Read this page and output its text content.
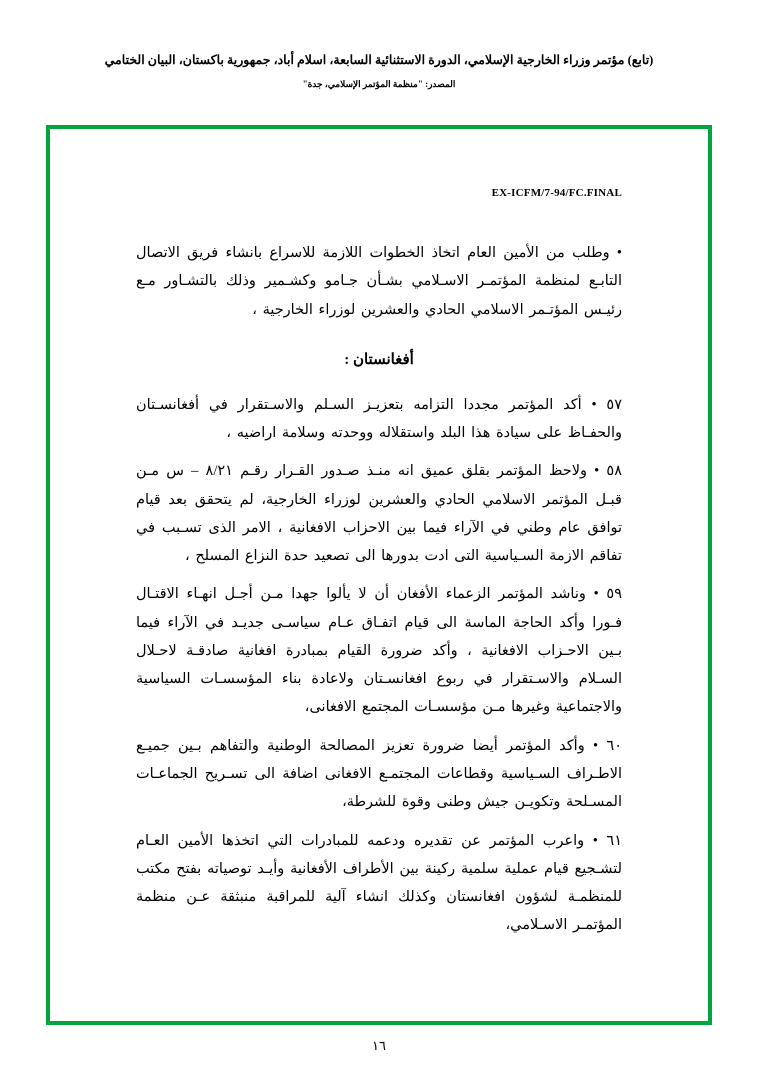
(تابع) مؤتمر وزراء الخارجية الإسلامي، الدورة الاستثنائية السابعة، اسلام أباد، جمهورية باكستان، البيان الختامي
المصدر: "منظمة المؤتمر الإسلامي، جدة"
EX-ICFM/7-94/FC.FINAL

• وطلب من الأمين العام اتخاذ الخطوات اللازمة للاسراع بانشاء فريق الاتصال التابـع لمنظمة المؤتمـر الاسـلامي بشـأن جـامو وكشـمير وذلك بالتشـاور مـع رئيـس المؤتـمر الاسلامي الحادي والعشرين لوزراء الخارجية ،

أفغانستان :

٥٧ • أكد المؤتمر مجددا التزامه بتعزيـز السـلم والاسـتقرار في أفغانسـتان والحفـاظ على سيادة هذا البلد واستقلاله ووحدته وسلامة اراضيه ،

٥٨ • ولاحظ المؤتمر بقلق عميق انه منـذ صـدور القـرار رقـم ٨/٢١ – س مـن قبـل المؤتمر الاسلامي الحادي والعشرين لوزراء الخارجية، لم يتحقق بعد قيام توافق عام وطني في الآراء فيما بين الاحزاب الافغانية ، الامر الذى تسـبب في تفاقم الازمة السـياسية التى ادت بدورها الى تصعيد حدة النزاع المسلح ،

٥٩ • وناشد المؤتمر الزعماء الأفغان أن لا يألوا جهدا مـن أجـل انهـاء الاقتـال فـورا وأكد الحاجة الماسة الى قيام اتفـاق عـام سياسـى جديـد في الآراء فيما بـين الاحـزاب الافغانية ، وأكد ضرورة القيام بمبادرة افغانية صادقـة لاحـلال السـلام والاسـتقرار في ربوع افغانسـتان ولاعادة بناء المؤسسـات السياسية والاجتماعية وغيرها مـن مؤسسـات المجتمع الافغانى،

٦٠ • وأكد المؤتمر أيضا ضرورة تعزيز المصالحة الوطنية والتفاهم بـين جميـع الاطـراف السـياسية وقطاعات المجتمـع الافغانى اضافة الى تسـريح الجماعـات المسـلحة وتكويـن جيش وطنى وقوة للشرطة،

٦١ • واعرب المؤتمر عن تقديره ودعمه للمبادرات التي اتخذها الأمين العـام لتشـجيع قيام عملية سلمية ركينة بين الأطراف الأفغانية وأيـد توصياته بفتح مكتب للمنظمـة لشؤون افغانستان وكذلك انشاء آلية للمراقبة منبثقة عـن منظمة المؤتمـر الاسـلامي،

١٦
